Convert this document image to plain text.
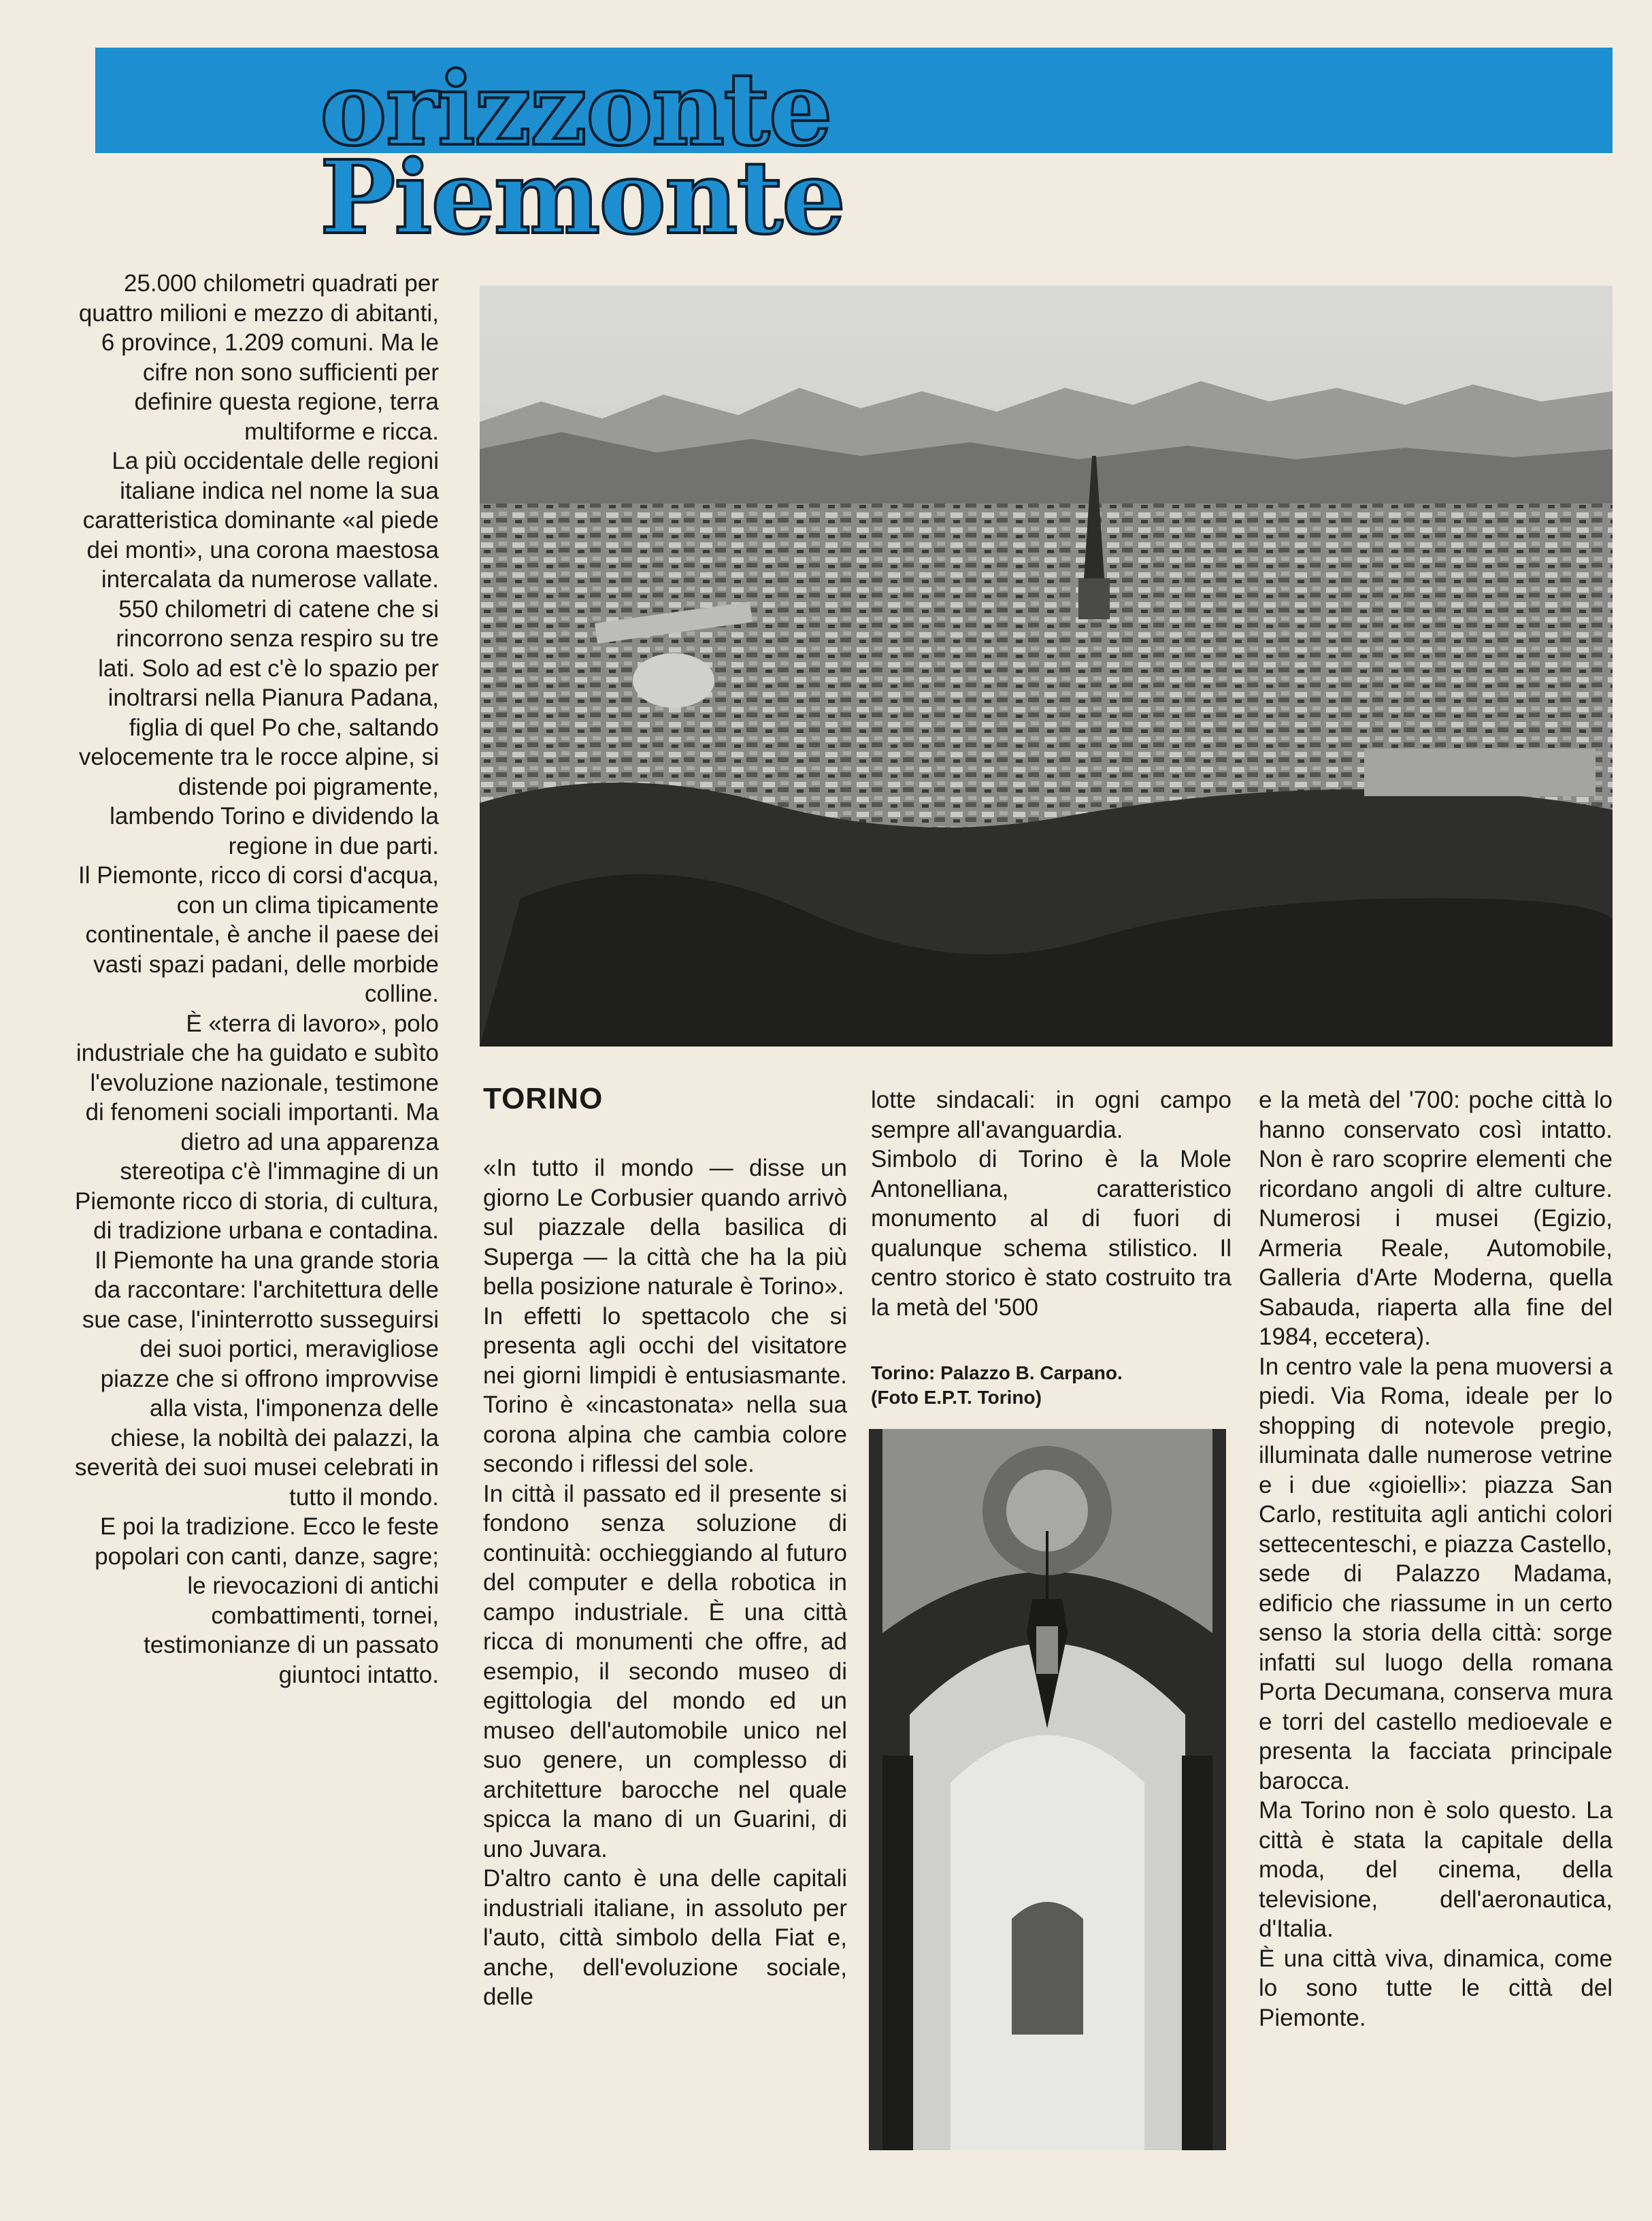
orizzonte
Piemonte

25.000 chilometri quadrati per quattro milioni e mezzo di abitanti, 6 province, 1.209 comuni. Ma le cifre non sono sufficienti per definire questa regione, terra multiforme e ricca.

La più occidentale delle regioni italiane indica nel nome la sua caratteristica dominante «al piede dei monti», una corona maestosa intercalata da numerose vallate. 550 chilometri di catene che si rincorrono senza respiro su tre lati. Solo ad est c'è lo spazio per inoltrarsi nella Pianura Padana, figlia di quel Po che, saltando velocemente tra le rocce alpine, si distende poi pigramente, lambendo Torino e dividendo la regione in due parti.

Il Piemonte, ricco di corsi d'acqua, con un clima tipicamente continentale, è anche il paese dei vasti spazi padani, delle morbide colline.

È «terra di lavoro», polo industriale che ha guidato e subìto l'evoluzione nazionale, testimone di fenomeni sociali importanti. Ma dietro ad una apparenza stereotipa c'è l'immagine di un Piemonte ricco di storia, di cultura, di tradizione urbana e contadina.

Il Piemonte ha una grande storia da raccontare: l'architettura delle sue case, l'ininterrotto susseguirsi dei suoi portici, meravigliose piazze che si offrono improvvise alla vista, l'imponenza delle chiese, la nobiltà dei palazzi, la severità dei suoi musei celebrati in tutto il mondo.

E poi la tradizione. Ecco le feste popolari con canti, danze, sagre; le rievocazioni di antichi combattimenti, tornei, testimonianze di un passato giuntoci intatto.

TORINO

«In tutto il mondo — disse un giorno Le Corbusier quando arrivò sul piazzale della basilica di Superga — la città che ha la più bella posizione naturale è Torino».

In effetti lo spettacolo che si presenta agli occhi del visitatore nei giorni limpidi è entusiasmante. Torino è «incastonata» nella sua corona alpina che cambia colore secondo i riflessi del sole.

In città il passato ed il presente si fondono senza soluzione di continuità: occhieggiando al futuro del computer e della robotica in campo industriale. È una città ricca di monumenti che offre, ad esempio, il secondo museo di egittologia del mondo ed un museo dell'automobile unico nel suo genere, un complesso di architetture barocche nel quale spicca la mano di un Guarini, di uno Juvara.

D'altro canto è una delle capitali industriali italiane, in assoluto per l'auto, città simbolo della Fiat e, anche, dell'evoluzione sociale, delle

lotte sindacali: in ogni campo sempre all'avanguardia.

Simbolo di Torino è la Mole Antonelliana, caratteristico monumento al di fuori di qualunque schema stilistico. Il centro storico è stato costruito tra la metà del '500

Torino: Palazzo B. Carpano.
(Foto E.P.T. Torino)

e la metà del '700: poche città lo hanno conservato così intatto. Non è raro scoprire elementi che ricordano angoli di altre culture. Numerosi i musei (Egizio, Armeria Reale, Automobile, Galleria d'Arte Moderna, quella Sabauda, riaperta alla fine del 1984, eccetera).

In centro vale la pena muoversi a piedi. Via Roma, ideale per lo shopping di notevole pregio, illuminata dalle numerose vetrine e i due «gioielli»: piazza San Carlo, restituita agli antichi colori settecenteschi, e piazza Castello, sede di Palazzo Madama, edificio che riassume in un certo senso la storia della città: sorge infatti sul luogo della romana Porta Decumana, conserva mura e torri del castello medioevale e presenta la facciata principale barocca.

Ma Torino non è solo questo. La città è stata la capitale della moda, del cinema, della televisione, dell'aeronautica, d'Italia.

È una città viva, dinamica, come lo sono tutte le città del Piemonte.
